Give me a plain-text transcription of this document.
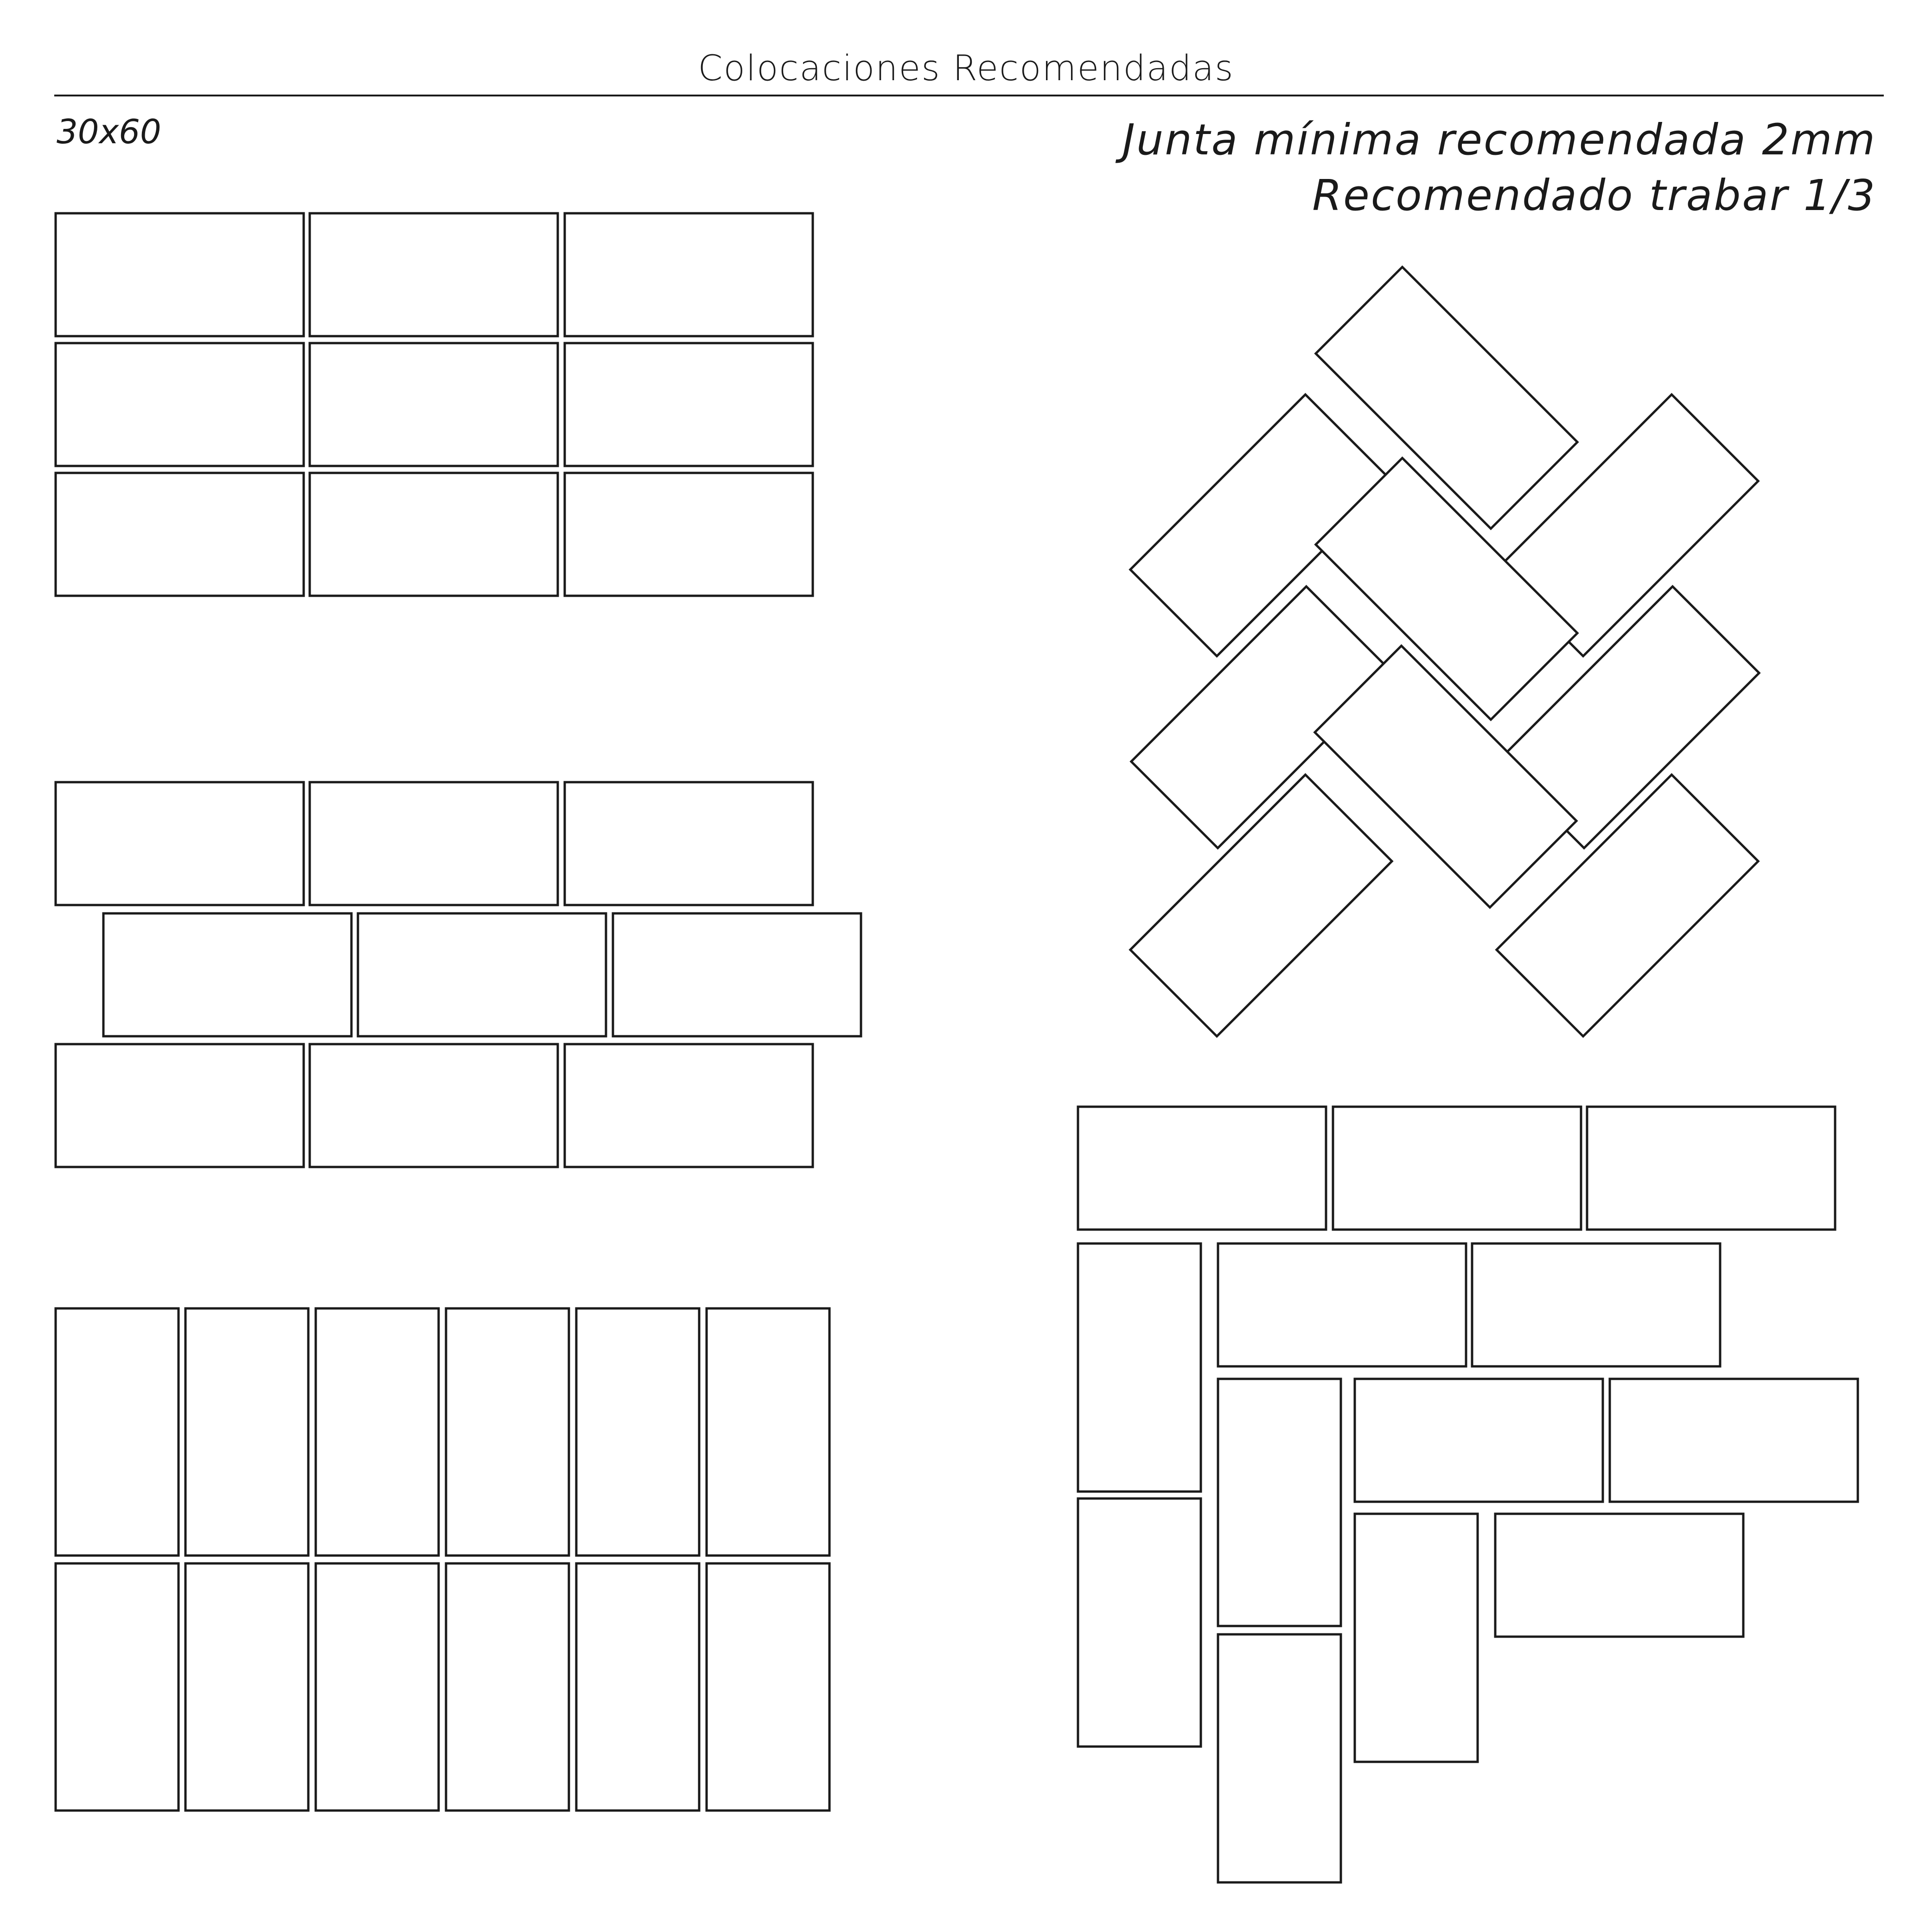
Colocaciones Recomendadas
30x60	Junta mínima recomendada 2mm
Recomendado trabar 1/3
